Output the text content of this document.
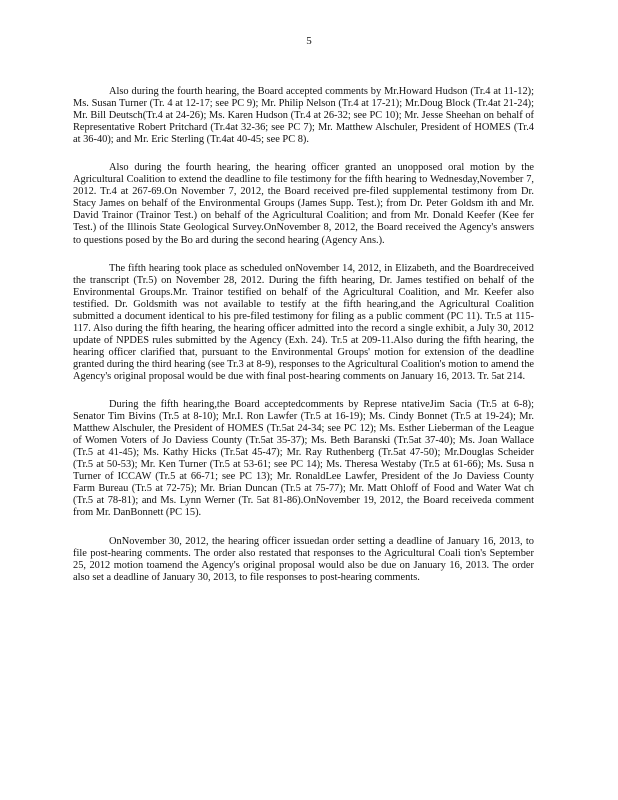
5

Also during the fourth hearing, the Board accepted comments by Mr.Howard Hudson (Tr.4 at 11-12); Ms. Susan Turner (Tr. 4 at 12-17; see PC 9); Mr. Philip Nelson (Tr.4 at 17-21); Mr.Doug Block (Tr.4at 21-24); Mr. Bill Deutsch(Tr.4 at 24-26); Ms. Karen Hudson (Tr.4 at 26-32; see PC 10); Mr. Jesse Sheehan on behalf of Representative Robert Pritchard (Tr.4at 32-36; see PC 7); Mr. Matthew Alschuler, President of HOMES (Tr.4 at 36-40); and Mr. Eric Sterling (Tr.4at 40-45; see PC 8).

Also during the fourth hearing, the hearing officer granted an unopposed oral motion by the Agricultural Coalition to extend the deadline to file testimony for the fifth hearing to Wednesday,November 7, 2012. Tr.4 at 267-69.On November 7, 2012, the Board received pre-filed supplemental testimony from Dr. Stacy James on behalf of the Environmental Groups (James Supp. Test.); from Dr. Peter Goldsm ith and Mr. David Trainor (Trainor Test.) on behalf of the Agricultural Coalition; and from Mr. Donald Keefer (Kee fer Test.) of the Illinois State Geological Survey.OnNovember 8, 2012, the Board received the Agency's answers to questions posed by the Bo ard during the second hearing (Agency Ans.).

The fifth hearing took place as scheduled onNovember 14, 2012, in Elizabeth, and the Boardreceived the transcript (Tr.5) on November 28, 2012. During the fifth hearing, Dr. James testified on behalf of the Environmental Groups.Mr. Trainor testified on behalf of the Agricultural Coalition, and Mr. Keefer also testified. Dr. Goldsmith was not available to testify at the fifth hearing,and the Agricultural Coalition submitted a document identical to his pre-filed testimony for filing as a public comment (PC 11). Tr.5 at 115-117. Also during the fifth hearing, the hearing officer admitted into the record a single exhibit, a July 30, 2012 update of NPDES rules submitted by the Agency (Exh. 24). Tr.5 at 209-11.Also during the fifth hearing, the hearing officer clarified that, pursuant to the Environmental Groups' motion for extension of the deadline granted during the third hearing (see Tr.3 at 8-9), responses to the Agricultural Coalition's motion to amend the Agency's original proposal would be due with final post-hearing comments on January 16, 2013. Tr. 5at 214.

During the fifth hearing,the Board acceptedcomments by Represe ntativeJim Sacia (Tr.5 at 6-8); Senator Tim Bivins (Tr.5 at 8-10); Mr.I. Ron Lawfer (Tr.5 at 16-19); Ms. Cindy Bonnet (Tr.5 at 19-24); Mr. Matthew Alschuler, the President of HOMES (Tr.5at 24-34; see PC 12); Ms. Esther Lieberman of the League of Women Voters of Jo Daviess County (Tr.5at 35-37); Ms. Beth Baranski (Tr.5at 37-40); Ms. Joan Wallace (Tr.5 at 41-45); Ms. Kathy Hicks (Tr.5at 45-47); Mr. Ray Ruthenberg (Tr.5at 47-50); Mr.Douglas Scheider (Tr.5 at 50-53); Mr. Ken Turner (Tr.5 at 53-61; see PC 14); Ms. Theresa Westaby (Tr.5 at 61-66); Ms. Susa n Turner of ICCAW (Tr.5 at 66-71; see PC 13); Mr. RonaldLee Lawfer, President of the Jo Daviess County Farm Bureau (Tr.5 at 72-75); Mr. Brian Duncan (Tr.5 at 75-77); Mr. Matt Ohloff of Food and Water Wat ch (Tr.5 at 78-81); and Ms. Lynn Werner (Tr. 5at 81-86).OnNovember 19, 2012, the Board receiveda comment from Mr. DanBonnett (PC 15).

OnNovember 30, 2012, the hearing officer issuedan order setting a deadline of January 16, 2013, to file post-hearing comments. The order also restated that responses to the Agricultural Coali tion's September 25, 2012 motion toamend the Agency's original proposal would also be due on January 16, 2013. The order also set a deadline of January 30, 2013, to file responses to post-hearing comments.
